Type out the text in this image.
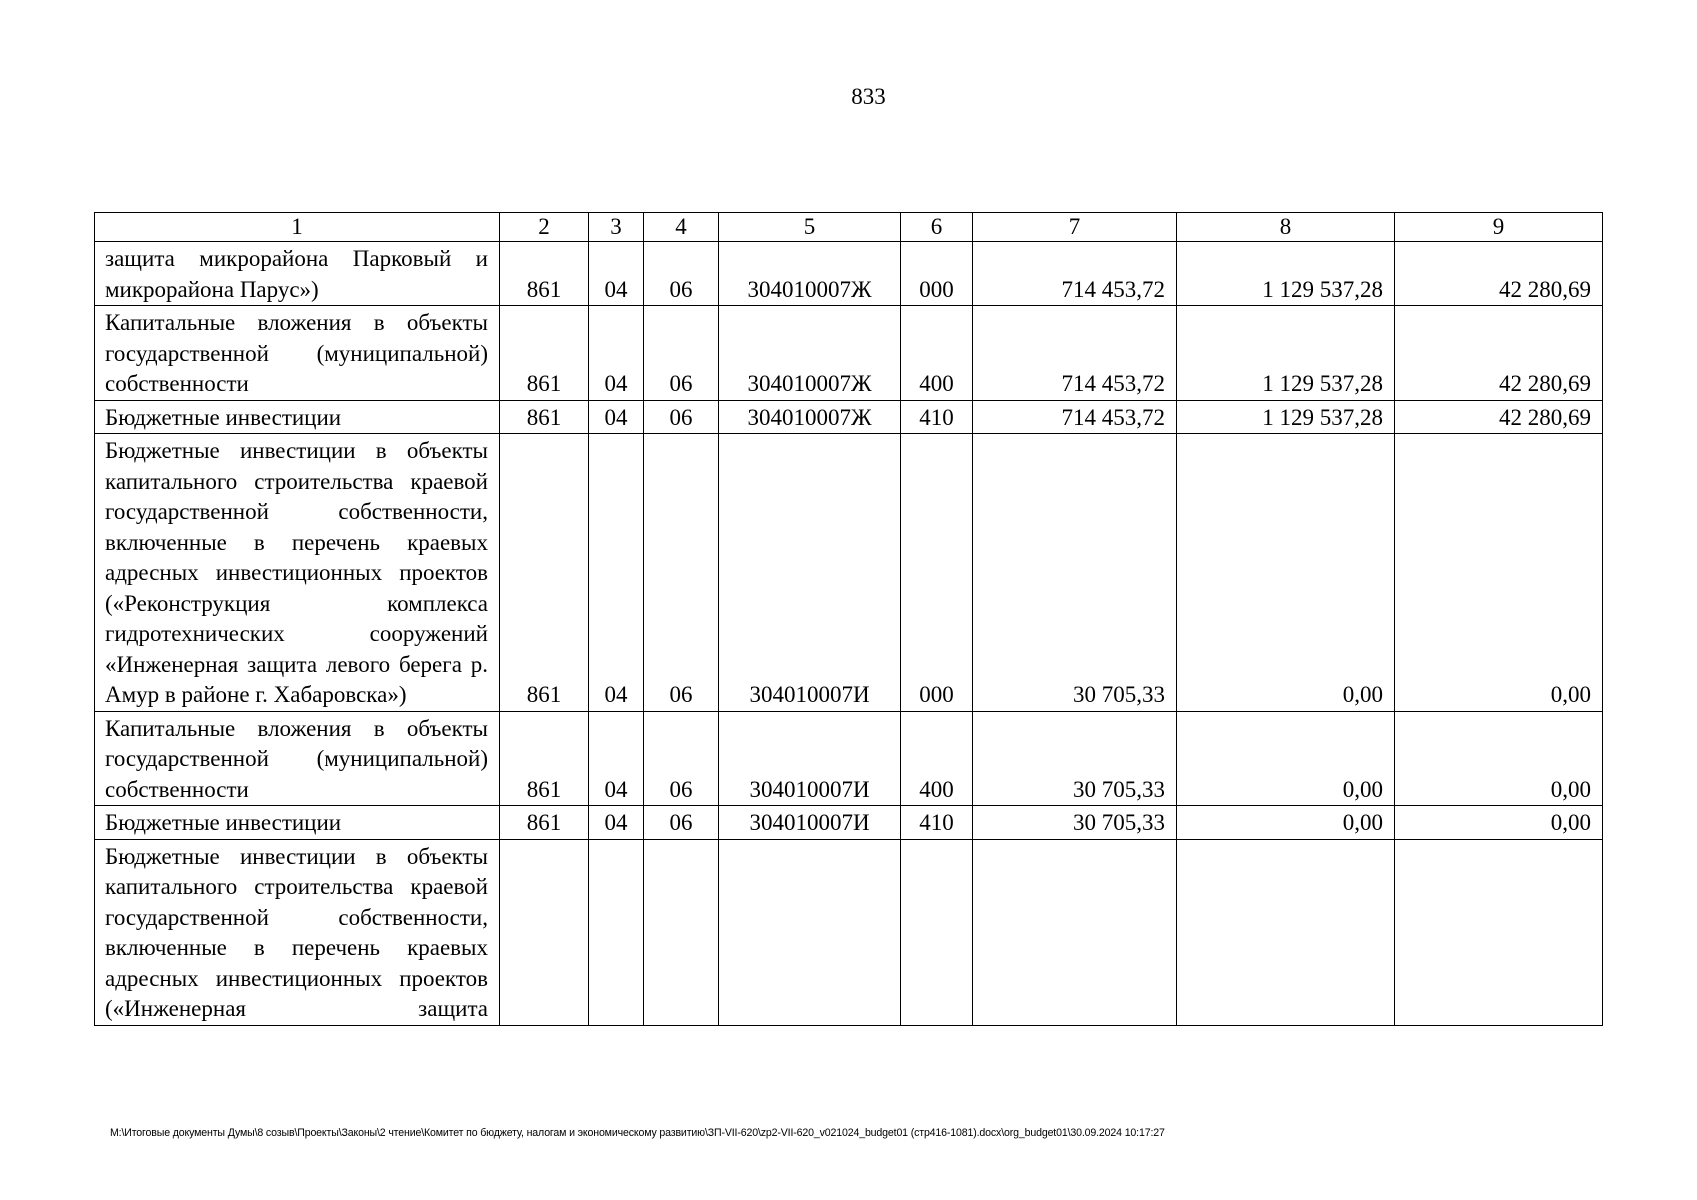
833
1	2	3	4	5	6	7	8	9
защита микрорайона Парковый и микрорайона Парус»)	861	04	06	304010007Ж	000	714 453,72	1 129 537,28	42 280,69
Капитальные вложения в объекты государственной (муниципальной) собственности	861	04	06	304010007Ж	400	714 453,72	1 129 537,28	42 280,69
Бюджетные инвестиции	861	04	06	304010007Ж	410	714 453,72	1 129 537,28	42 280,69
Бюджетные инвестиции в объекты капитального строительства краевой государственной собственности, включенные в перечень краевых адресных инвестиционных проектов («Реконструкция комплекса гидротехнических сооружений «Инженерная защита левого берега р. Амур в районе г. Хабаровска»)	861	04	06	304010007И	000	30 705,33	0,00	0,00
Капитальные вложения в объекты государственной (муниципальной) собственности	861	04	06	304010007И	400	30 705,33	0,00	0,00
Бюджетные инвестиции	861	04	06	304010007И	410	30 705,33	0,00	0,00
Бюджетные инвестиции в объекты капитального строительства краевой государственной собственности, включенные в перечень краевых адресных инвестиционных проектов («Инженерная защита								
М:\Итоговые документы Думы\8 созыв\Проекты\Законы\2 чтение\Комитет по бюджету, налогам и экономическому развитию\ЗП-VII-620\zp2-VII-620_v021024_budget01 (стр416-1081).docx\org_budget01\30.09.2024 10:17:27
